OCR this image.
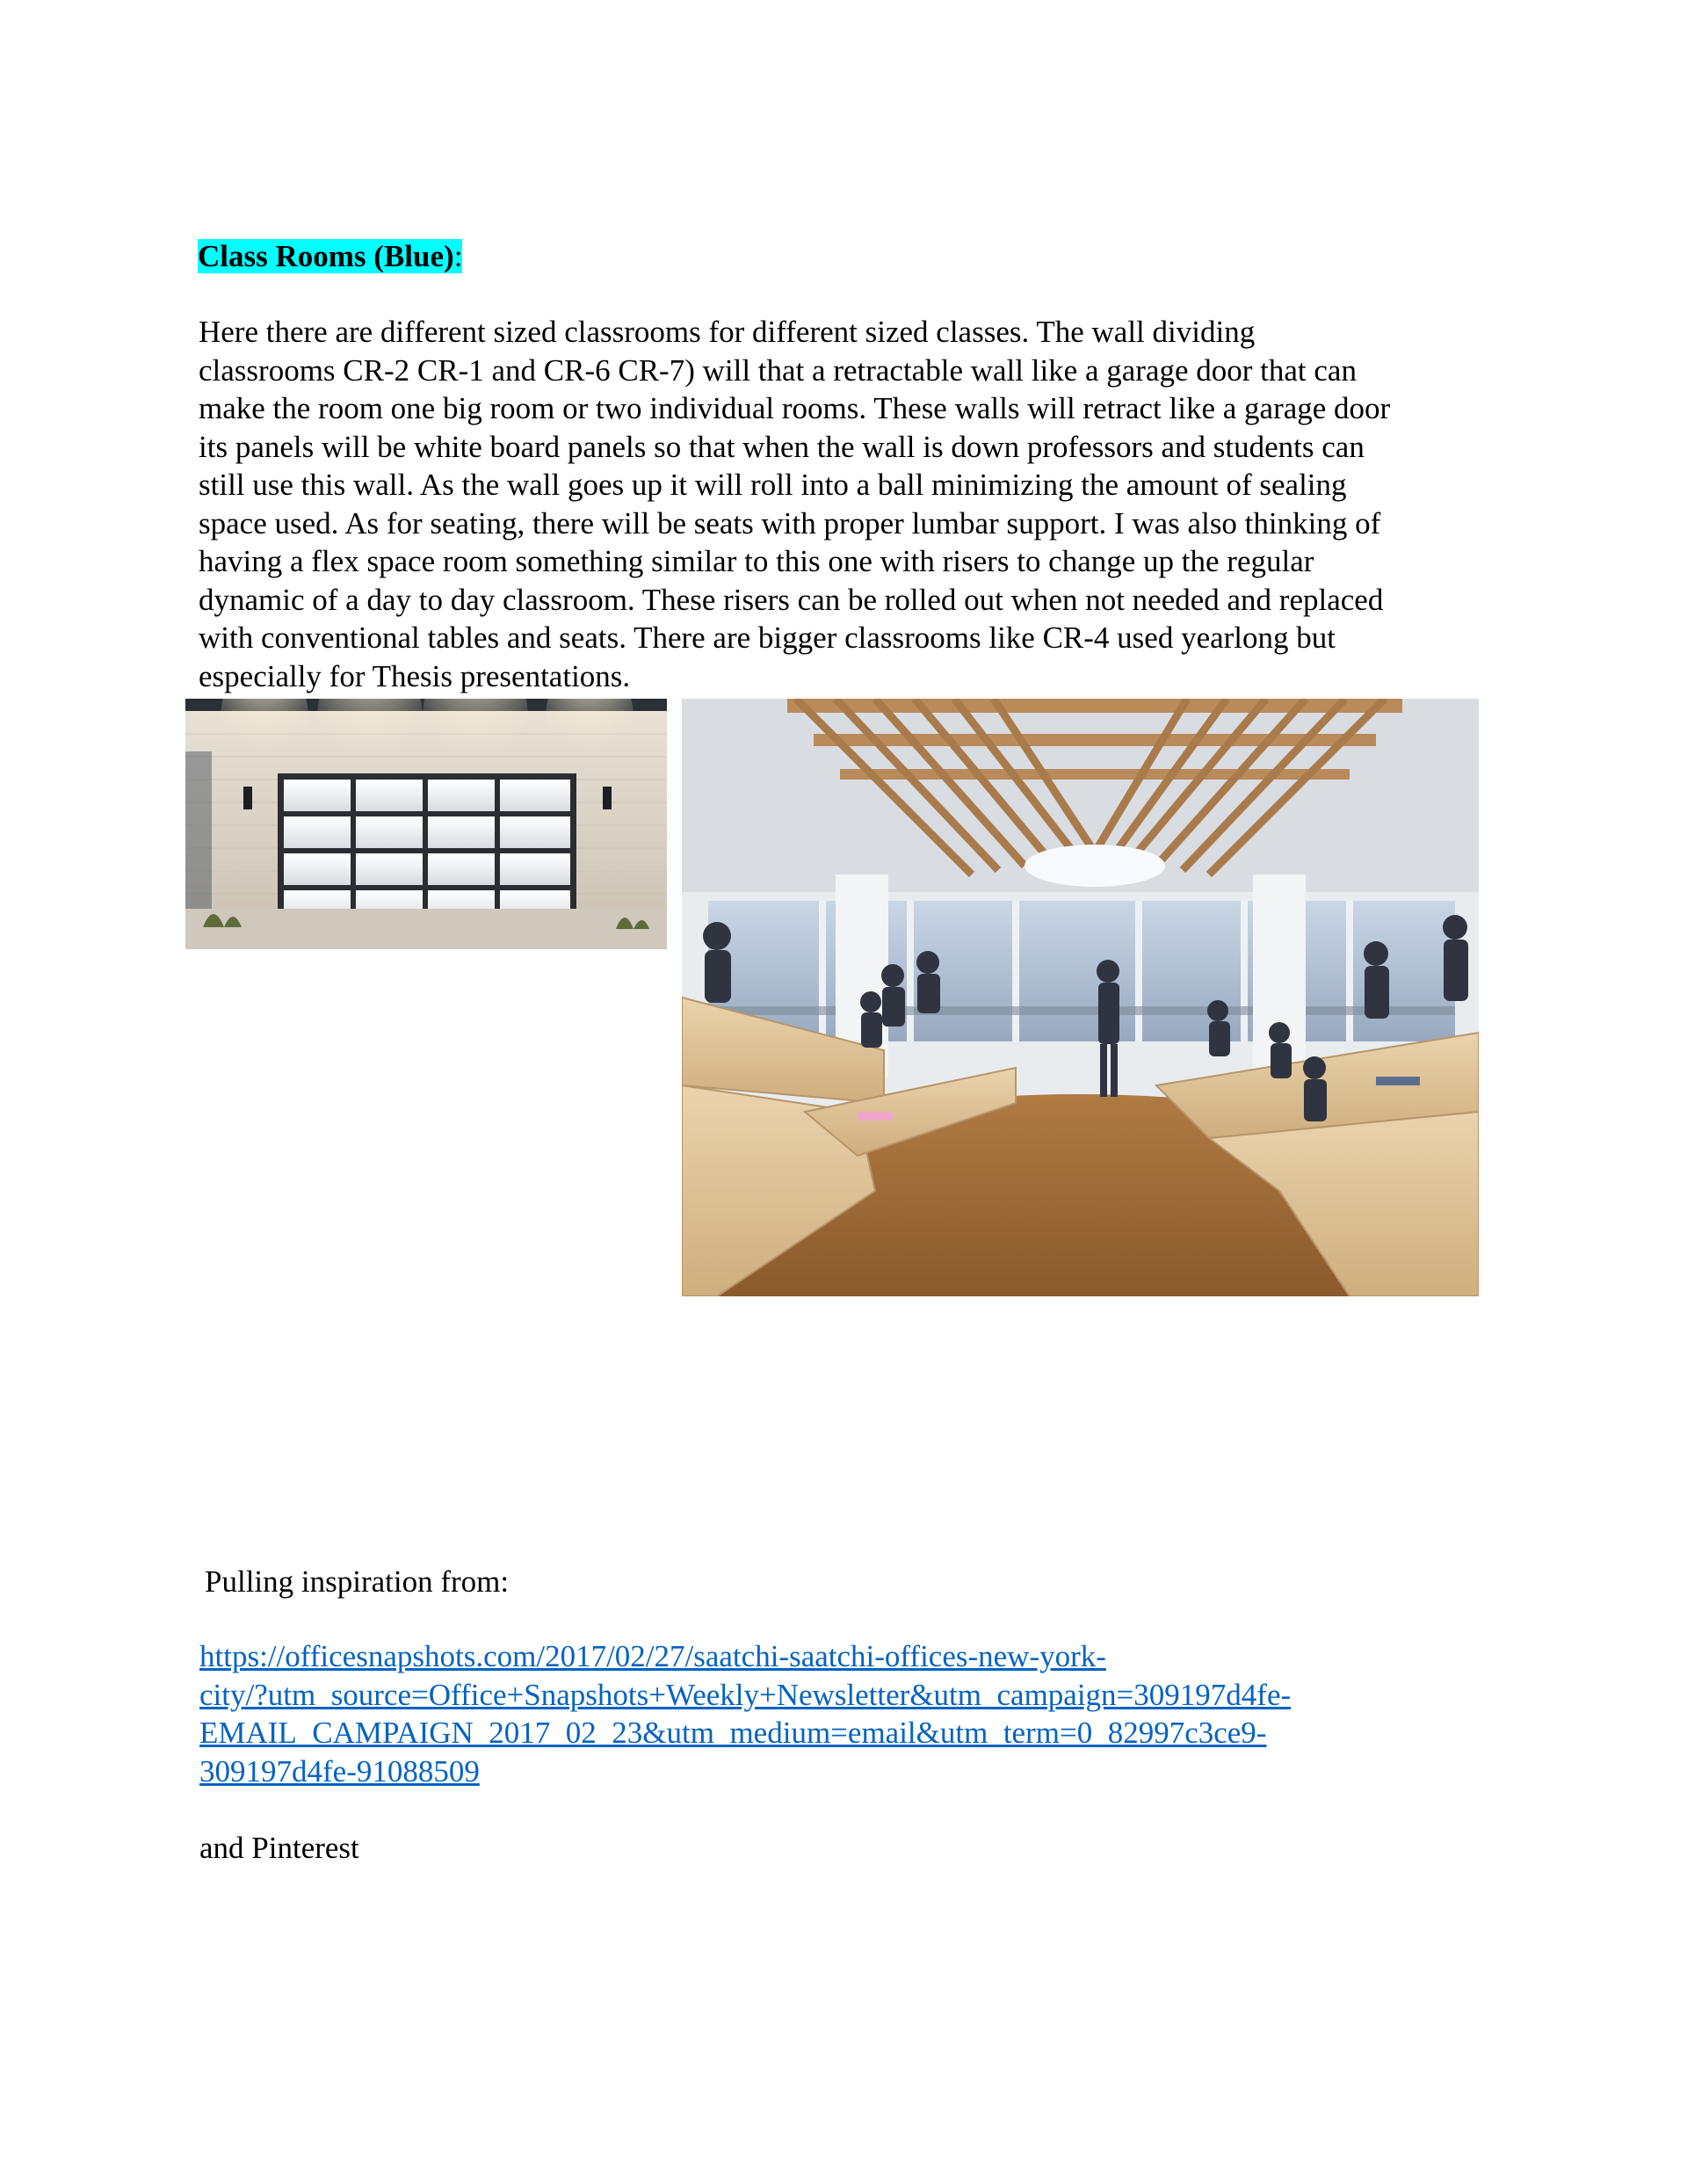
Class Rooms (Blue):
Here there are different sized classrooms for different sized classes. The wall dividing
classrooms CR-2 CR-1 and CR-6 CR-7) will that a retractable wall like a garage door that can
make the room one big room or two individual rooms. These walls will retract like a garage door
its panels will be white board panels so that when the wall is down professors and students can
still use this wall. As the wall goes up it will roll into a ball minimizing the amount of sealing
space used. As for seating, there will be seats with proper lumbar support. I was also thinking of
having a flex space room something similar to this one with risers to change up the regular
dynamic of a day to day classroom. These risers can be rolled out when not needed and replaced
with conventional tables and seats. There are bigger classrooms like CR-4 used yearlong but
especially for Thesis presentations.
Pulling inspiration from:
https://officesnapshots.com/2017/02/27/saatchi-saatchi-offices-new-york-
city/?utm_source=Office+Snapshots+Weekly+Newsletter&utm_campaign=309197d4fe-
EMAIL_CAMPAIGN_2017_02_23&utm_medium=email&utm_term=0_82997c3ce9-
309197d4fe-91088509
and Pinterest
